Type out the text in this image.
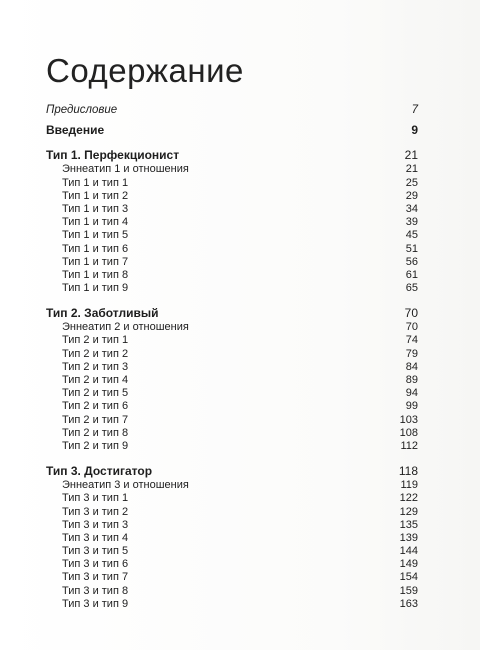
Содержание
Предисловие	7
Введение	9
Тип 1. Перфекционист	21
Эннеатип 1 и отношения	21
Тип 1 и тип 1	25
Тип 1 и тип 2	29
Тип 1 и тип 3	34
Тип 1 и тип 4	39
Тип 1 и тип 5	45
Тип 1 и тип 6	51
Тип 1 и тип 7	56
Тип 1 и тип 8	61
Тип 1 и тип 9	65
Тип 2. Заботливый	70
Эннеатип 2 и отношения	70
Тип 2 и тип 1	74
Тип 2 и тип 2	79
Тип 2 и тип 3	84
Тип 2 и тип 4	89
Тип 2 и тип 5	94
Тип 2 и тип 6	99
Тип 2 и тип 7	103
Тип 2 и тип 8	108
Тип 2 и тип 9	112
Тип 3. Достигатор	118
Эннеатип 3 и отношения	119
Тип 3 и тип 1	122
Тип 3 и тип 2	129
Тип 3 и тип 3	135
Тип 3 и тип 4	139
Тип 3 и тип 5	144
Тип 3 и тип 6	149
Тип 3 и тип 7	154
Тип 3 и тип 8	159
Тип 3 и тип 9	163
